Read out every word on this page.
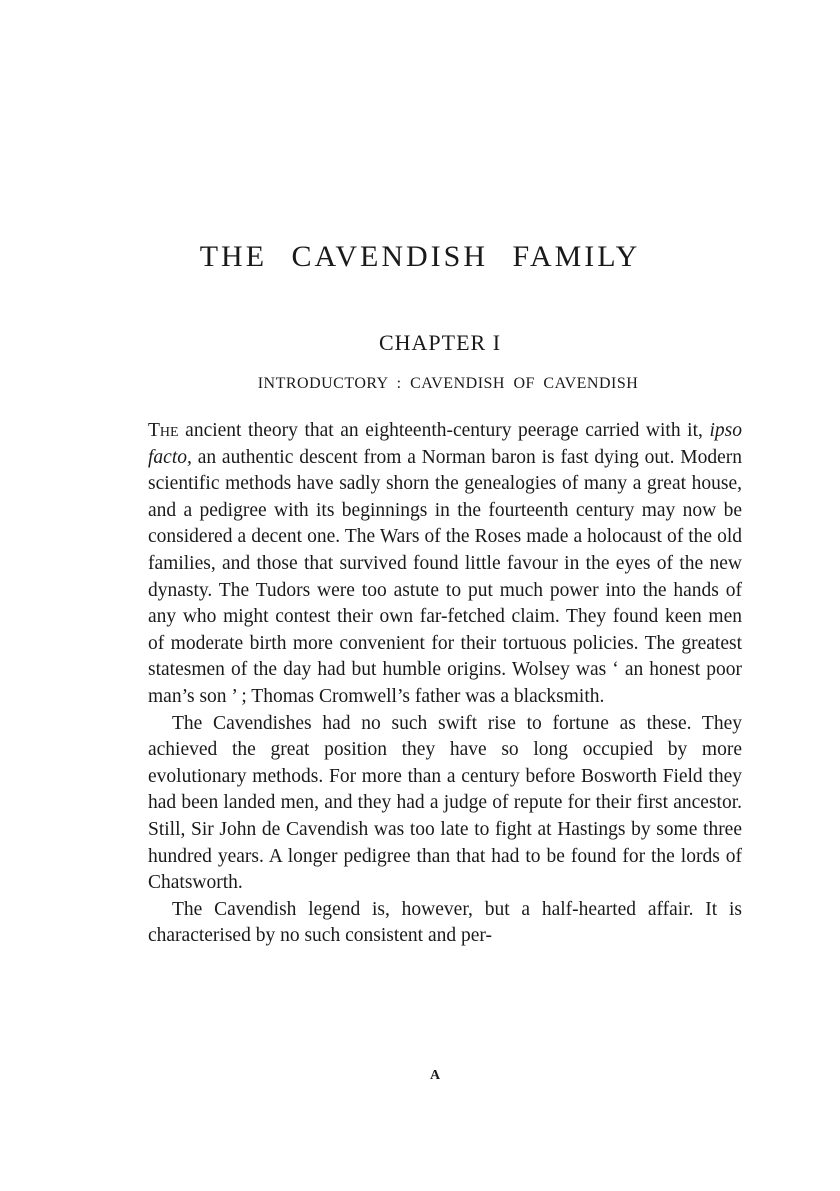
THE CAVENDISH FAMILY
CHAPTER I
INTRODUCTORY : CAVENDISH OF CAVENDISH

The ancient theory that an eighteenth-century peerage carried with it, ipso facto, an authentic descent from a Norman baron is fast dying out. Modern scientific methods have sadly shorn the genealogies of many a great house, and a pedigree with its beginnings in the fourteenth century may now be considered a decent one. The Wars of the Roses made a holocaust of the old families, and those that survived found little favour in the eyes of the new dynasty. The Tudors were too astute to put much power into the hands of any who might contest their own far-fetched claim. They found keen men of moderate birth more convenient for their tortuous policies. The greatest statesmen of the day had but humble origins. Wolsey was ‘ an honest poor man’s son ’ ; Thomas Cromwell’s father was a blacksmith.

The Cavendishes had no such swift rise to fortune as these. They achieved the great position they have so long occupied by more evolutionary methods. For more than a century before Bosworth Field they had been landed men, and they had a judge of repute for their first ancestor. Still, Sir John de Cavendish was too late to fight at Hastings by some three hundred years. A longer pedigree than that had to be found for the lords of Chatsworth.

The Cavendish legend is, however, but a half-hearted affair. It is characterised by no such consistent and per-

A
